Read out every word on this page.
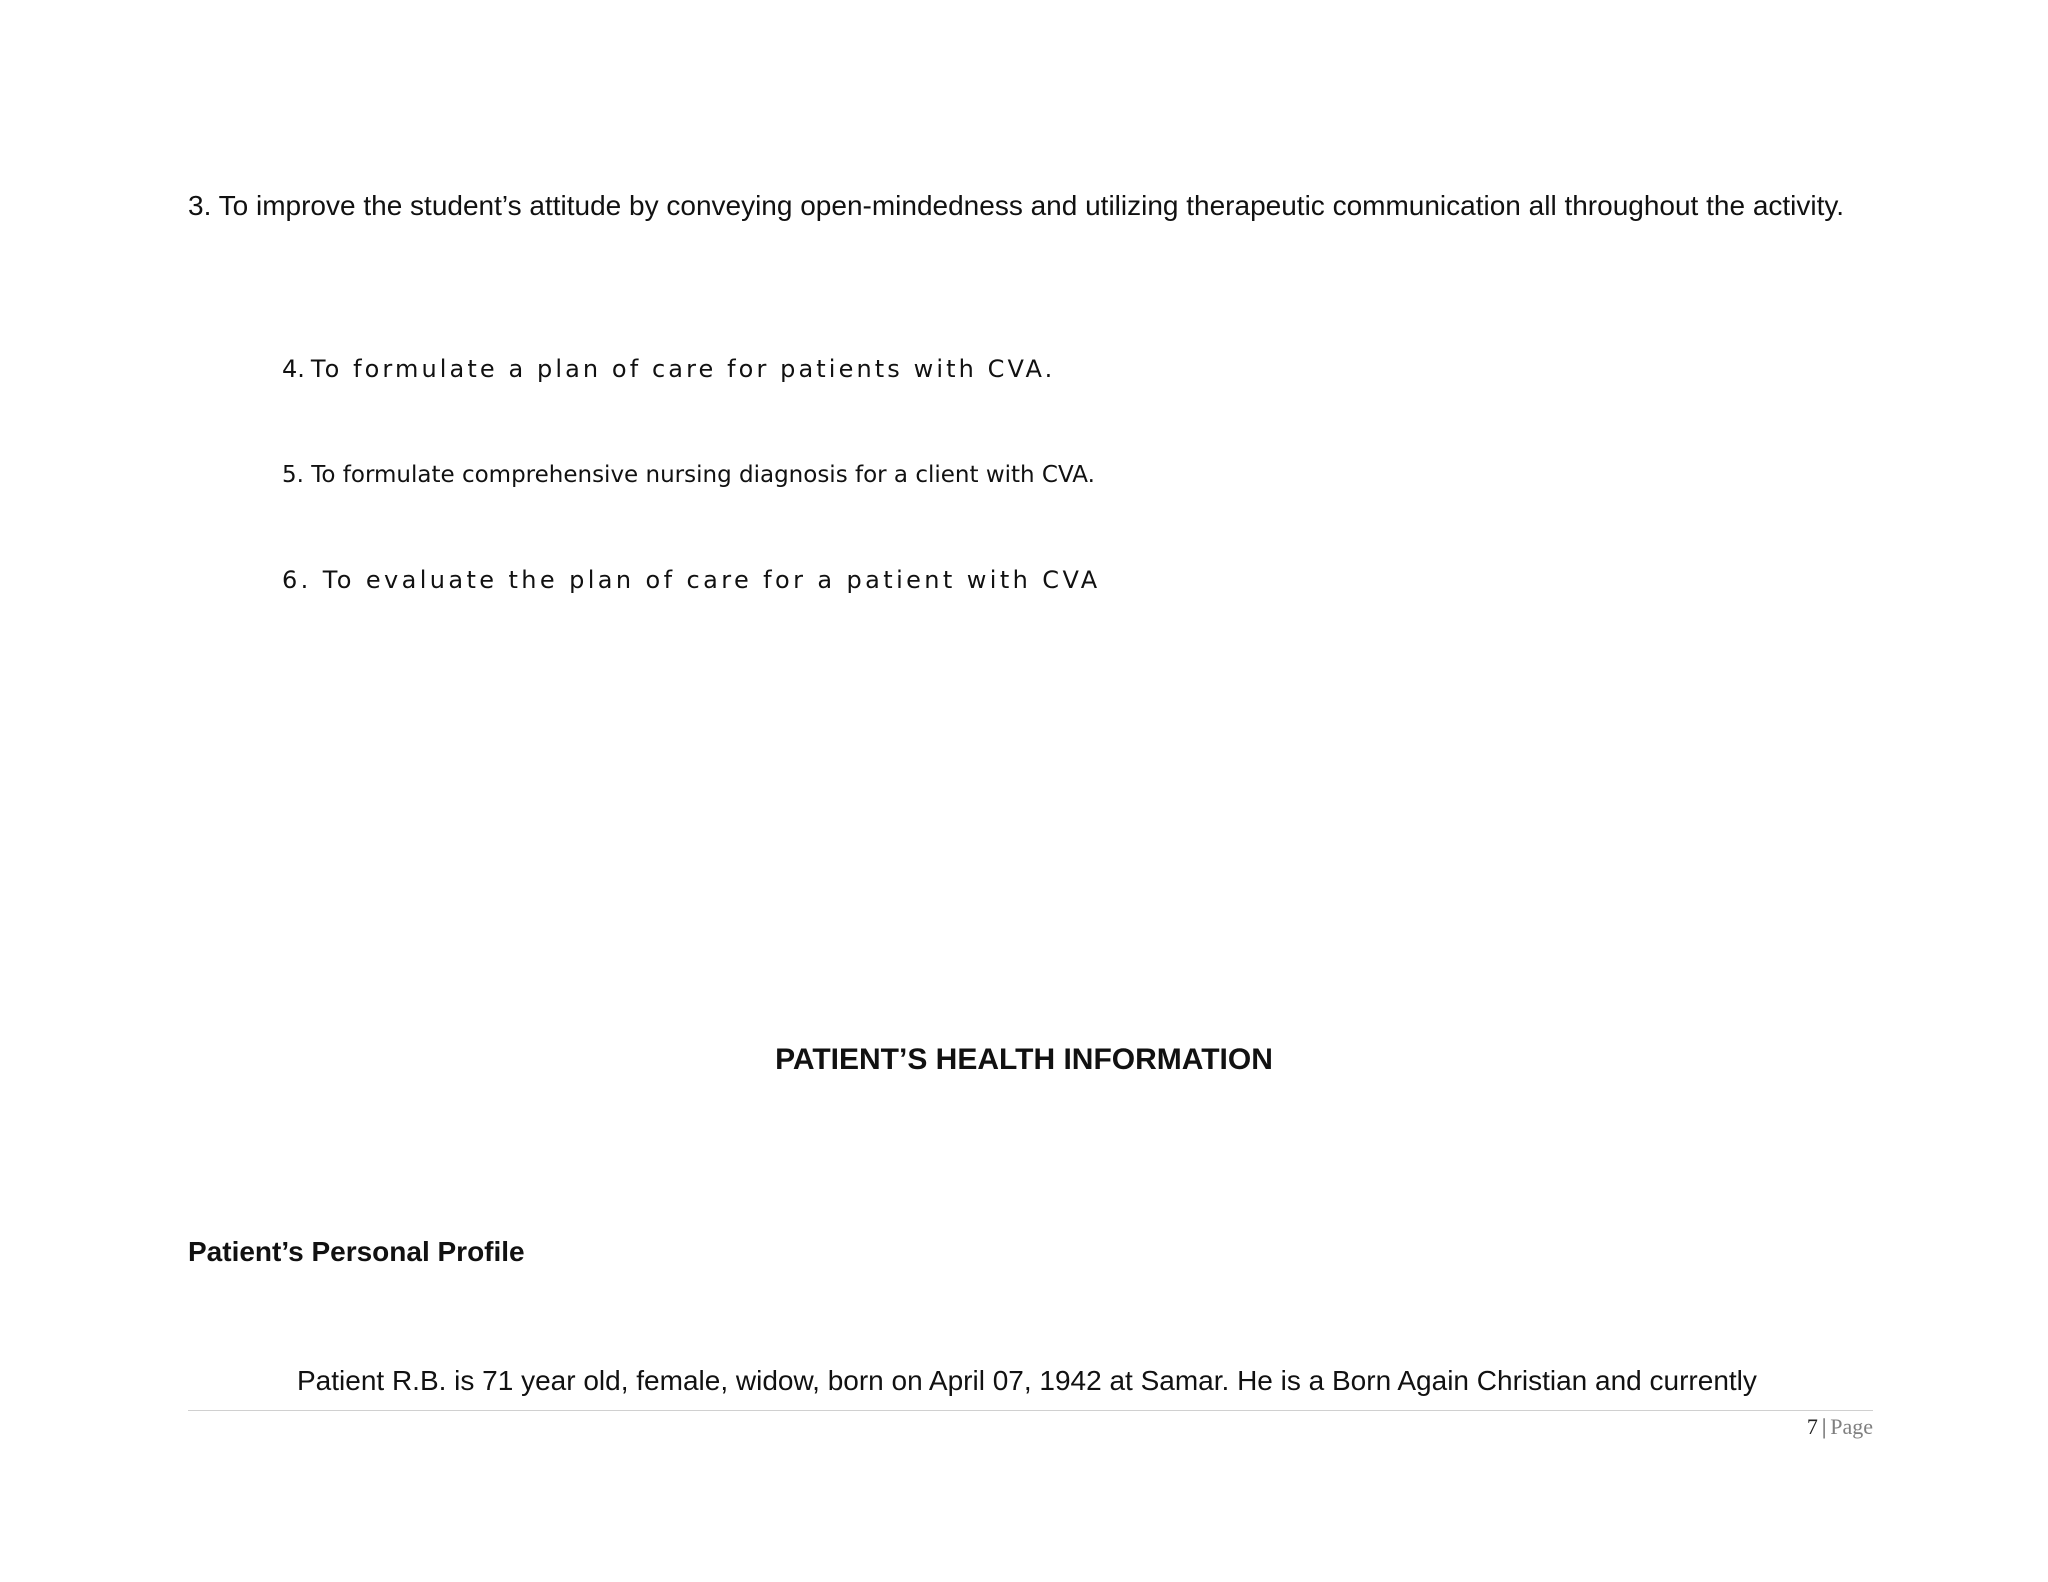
3. To improve the student’s attitude by conveying open-mindedness and utilizing therapeutic communication all throughout the activity.

4. To formulate a plan of care for patients with CVA.
5. To formulate comprehensive nursing diagnosis for a client with CVA.
6. To evaluate the plan of care for a patient with CVA
PATIENT’S HEALTH INFORMATION
Patient’s Personal Profile
Patient R.B. is 71 year old, female, widow, born on April 07, 1942 at Samar. He is a Born Again Christian and currently
7 | Page
